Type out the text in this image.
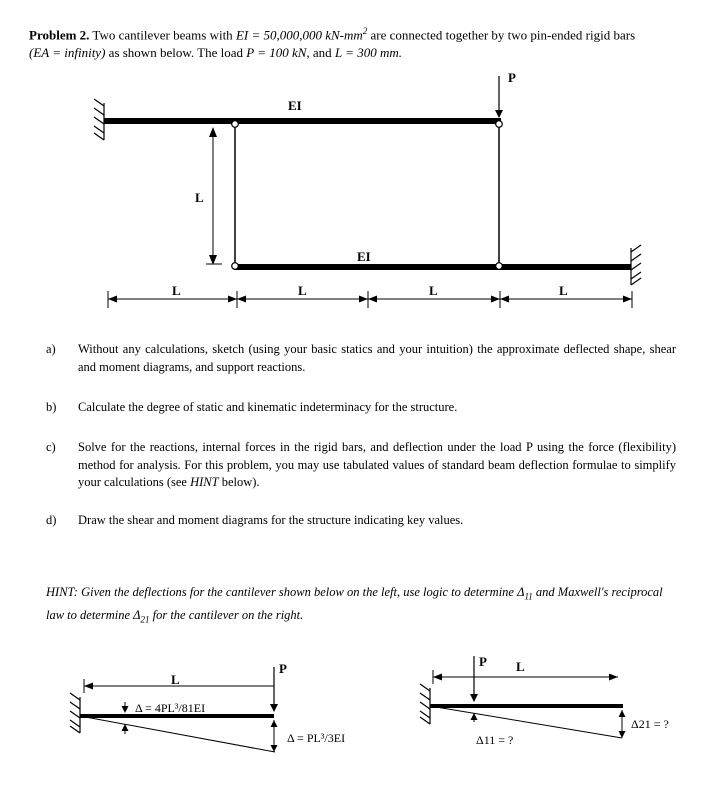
Problem 2. Two cantilever beams with EI = 50,000,000 $kN-mm^2$ are connected together by two pin-ended rigid bars
(EA = infinity) as shown below. The load P = 100 kN, and L = 300 mm.
P
EI
EI
L
L	L	L	L
L
P
Δ = 4PL³/81EI
Δ = PL³/3EI
L
P
Δ11 = ?
Δ21 = ?
a)	Without any calculations, sketch (using your basic statics and your intuition) the approximate deflected shape, shear and moment diagrams, and support reactions.
b)	Calculate the degree of static and kinematic indeterminacy for the structure.
c)	Solve for the reactions, internal forces in the rigid bars, and deflection under the load P using the force (flexibility) method for analysis. For this problem, you may use tabulated values of standard beam deflection formulae to simplify your calculations (see HINT below).
d)	Draw the shear and moment diagrams for the structure indicating key values.
HINT: Given the deflections for the cantilever shown below on the left, use logic to determine $\Delta_{11}$ and Maxwell's reciprocal law to determine $\Delta_{21}$ for the cantilever on the right.
